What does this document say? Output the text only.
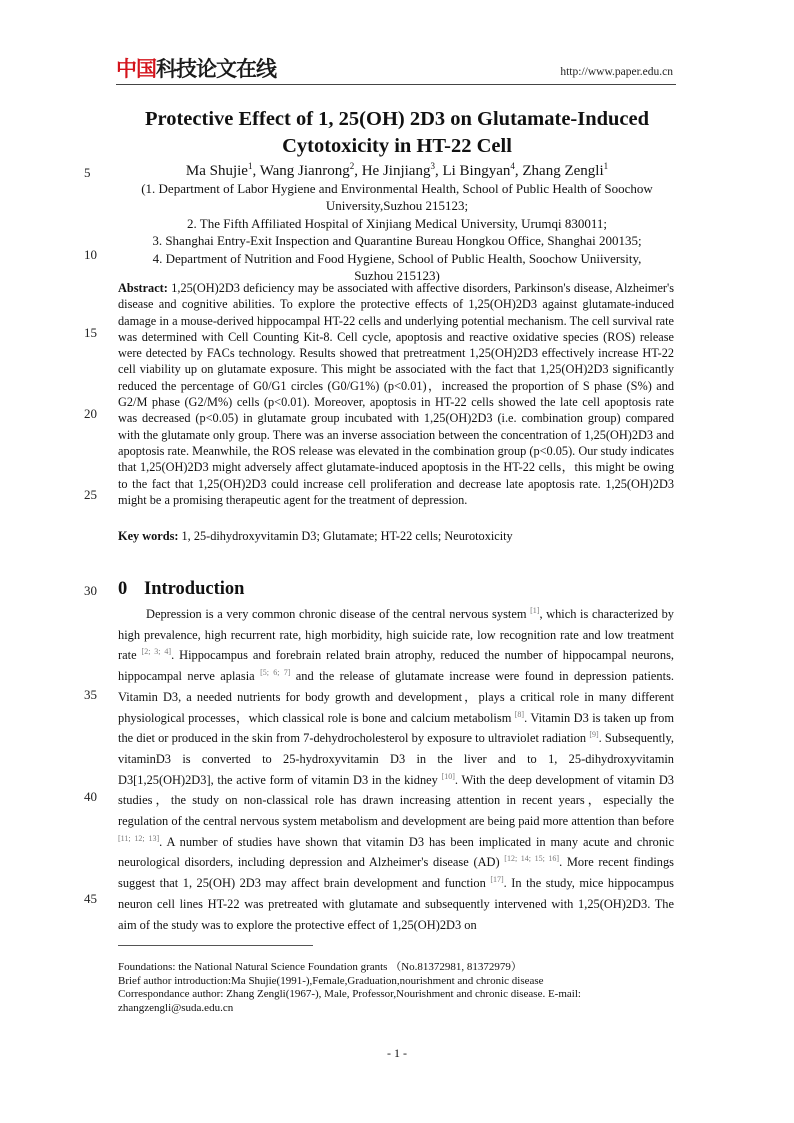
中国科技论文在线	http://www.paper.edu.cn
Protective Effect of 1, 25(OH) 2D3 on Glutamate-Induced Cytotoxicity in HT-22 Cell
Ma Shujie$^1$, Wang Jianrong$^2$, He Jinjiang$^3$, Li Bingyan$^4$, Zhang Zengli$^1$
(1. Department of Labor Hygiene and Environmental Health, School of Public Health of Soochow
University,Suzhou 215123;
2. The Fifth Affiliated Hospital of Xinjiang Medical University, Urumqi 830011;
3. Shanghai Entry-Exit Inspection and Quarantine Bureau Hongkou Office, Shanghai 200135;
4. Department of Nutrition and Food Hygiene, School of Public Health, Soochow Uniiversity,
Suzhou 215123)
5
10
15
20
25
30
35
40
45
Abstract: 1,25(OH)2D3 deficiency may be associated with affective disorders, Parkinson's disease, Alzheimer's disease and cognitive abilities. To explore the protective effects of 1,25(OH)2D3 against glutamate-induced damage in a mouse-derived hippocampal HT-22 cells and underlying potential mechanism. The cell survival rate was determined with Cell Counting Kit-8. Cell cycle, apoptosis and reactive oxidative species (ROS) release were detected by FACs technology. Results showed that pretreatment 1,25(OH)2D3 effectively increase HT-22 cell viability up on glutamate exposure. This might be associated with the fact that 1,25(OH)2D3 significantly reduced the percentage of G0/G1 circles (G0/G1%) (p<0.01)，increased the proportion of S phase (S%) and G2/M phase (G2/M%) cells (p<0.01). Moreover, apoptosis in HT-22 cells showed the late cell apoptosis rate was decreased (p<0.05) in glutamate group incubated with 1,25(OH)2D3 (i.e. combination group) compared with the glutamate only group. There was an inverse association between the concentration of 1,25(OH)2D3 and apoptosis rate. Meanwhile, the ROS release was elevated in the combination group (p<0.05). Our study indicates that 1,25(OH)2D3 might adversely affect glutamate-induced apoptosis in the HT-22 cells，this might be owing to the fact that 1,25(OH)2D3 could increase cell proliferation and decrease late apoptosis rate. 1,25(OH)2D3 might be a promising therapeutic agent for the treatment of depression.
Key words: 1, 25-dihydroxyvitamin D3; Glutamate; HT-22 cells; Neurotoxicity
0 Introduction

Depression is a very common chronic disease of the central nervous system [1], which is characterized by high prevalence, high recurrent rate, high morbidity, high suicide rate, low recognition rate and low treatment rate [2; 3; 4]. Hippocampus and forebrain related brain atrophy, reduced the number of hippocampal neurons, hippocampal nerve aplasia [5; 6; 7] and the release of glutamate increase were found in depression patients. Vitamin D3, a needed nutrients for body growth and development，plays a critical role in many different physiological processes，which classical role is bone and calcium metabolism [8]. Vitamin D3 is taken up from the diet or produced in the skin from 7-dehydrocholesterol by exposure to ultraviolet radiation [9]. Subsequently, vitaminD3 is converted to 25-hydroxyvitamin D3 in the liver and to 1, 25-dihydroxyvitamin D3[1,25(OH)2D3], the active form of vitamin D3 in the kidney [10]. With the deep development of vitamin D3 studies，the study on non-classical role has drawn increasing attention in recent years，especially the regulation of the central nervous system metabolism and development are being paid more attention than before [11; 12; 13]. A number of studies have shown that vitamin D3 has been implicated in many acute and chronic neurological disorders, including depression and Alzheimer's disease (AD) [12; 14; 15; 16]. More recent findings suggest that 1, 25(OH) 2D3 may affect brain development and function [17]. In the study, mice hippocampus neuron cell lines HT-22 was pretreated with glutamate and subsequently intervened with 1,25(OH)2D3. The aim of the study was to explore the protective effect of 1,25(OH)2D3 on

Foundations: the National Natural Science Foundation grants （No.81372981, 81372979）
Brief author introduction:Ma Shujie(1991-),Female,Graduation,nourishment and chronic disease
Correspondance author: Zhang Zengli(1967-), Male, Professor,Nourishment and chronic disease. E-mail:
zhangzengli@suda.edu.cn
- 1 -
